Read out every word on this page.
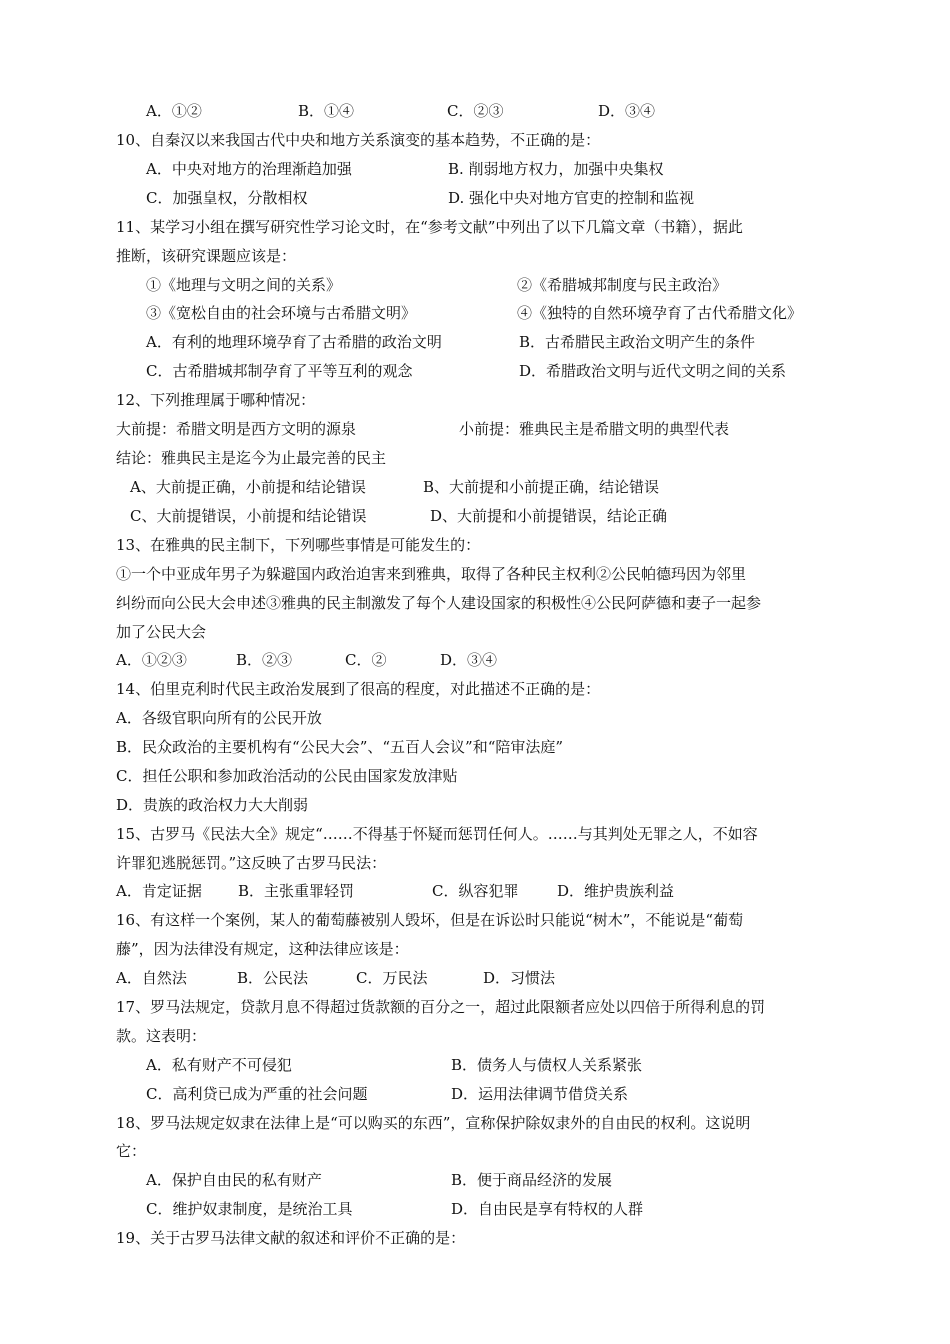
A．①②	B．①④	C．②③	D．③④
10、自秦汉以来我国古代中央和地方关系演变的基本趋势，不正确的是：
A．中央对地方的治理渐趋加强	B. 削弱地方权力，加强中央集权
C．加强皇权，分散相权	D. 强化中央对地方官吏的控制和监视
11、某学习小组在撰写研究性学习论文时，在“参考文献”中列出了以下几篇文章（书籍），据此
推断，该研究课题应该是：
①《地理与文明之间的关系》	②《希腊城邦制度与民主政治》
③《宽松自由的社会环境与古希腊文明》	④《独特的自然环境孕育了古代希腊文化》
A．有利的地理环境孕育了古希腊的政治文明	B．古希腊民主政治文明产生的条件
C．古希腊城邦制孕育了平等互利的观念	D．希腊政治文明与近代文明之间的关系
12、下列推理属于哪种情况：
大前提：希腊文明是西方文明的源泉	小前提：雅典民主是希腊文明的典型代表
结论：雅典民主是迄今为止最完善的民主
A、大前提正确，小前提和结论错误	B、大前提和小前提正确，结论错误
C、大前提错误，小前提和结论错误	D、大前提和小前提错误，结论正确
13、在雅典的民主制下，下列哪些事情是可能发生的：
①一个中亚成年男子为躲避国内政治迫害来到雅典，取得了各种民主权利②公民帕德玛因为邻里
纠纷而向公民大会申述③雅典的民主制激发了每个人建设国家的积极性④公民阿萨德和妻子一起参
加了公民大会
A．①②③	B．②③	C．②	D．③④
14、伯里克利时代民主政治发展到了很高的程度，对此描述不正确的是：
A．各级官职向所有的公民开放
B．民众政治的主要机构有“公民大会”、“五百人会议”和“陪审法庭”
C．担任公职和参加政治活动的公民由国家发放津贴
D．贵族的政治权力大大削弱
15、古罗马《民法大全》规定“……不得基于怀疑而惩罚任何人。……与其判处无罪之人，不如容
许罪犯逃脱惩罚。”这反映了古罗马民法：
A．肯定证据 B．主张重罪轻罚	C．纵容犯罪	D．维护贵族利益
16、有这样一个案例，某人的葡萄藤被别人毁坏，但是在诉讼时只能说“树木”，不能说是“葡萄
藤”，因为法律没有规定，这种法律应该是：
A．自然法	B．公民法	C．万民法	D．习惯法
17、罗马法规定，贷款月息不得超过货款额的百分之一，超过此限额者应处以四倍于所得利息的罚
款。这表明：
A．私有财产不可侵犯	B．债务人与债权人关系紧张
C．高利贷已成为严重的社会问题	D．运用法律调节借贷关系
18、罗马法规定奴隶在法律上是“可以购买的东西”，宣称保护除奴隶外的自由民的权利。这说明
它：
A．保护自由民的私有财产	B．便于商品经济的发展
C．维护奴隶制度，是统治工具	D．自由民是享有特权的人群
19、关于古罗马法律文献的叙述和评价不正确的是：
